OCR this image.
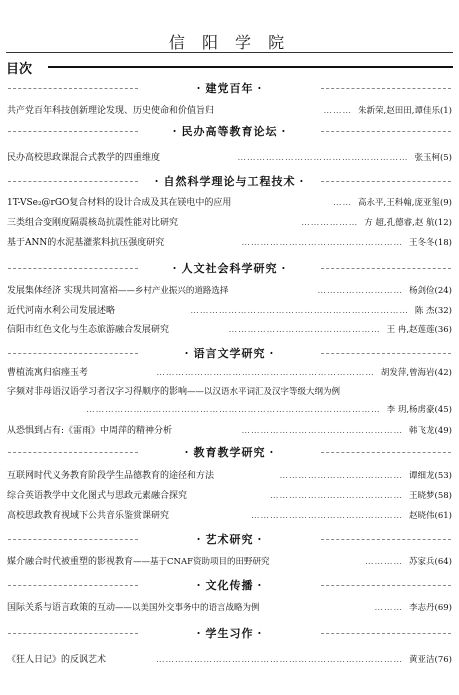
信 阳 学 院
目次
· 建党百年 ·
共产党百年科技创新理论发现、历史使命和价值旨归	……… 朱新荣,赵田田,谭佳乐(1)
· 民办高等教育论坛 ·
民办高校思政课混合式教学的四重维度	……………………………………………… 张玉柯(5)
· 自然科学理论与工程技术 ·
1T-VSe₂@rGO复合材料的设计合成及其在镁电中的应用	…… 高永平,王科翰,庞亚玺(9)
三类组合变刚度隔震核岛抗震性能对比研究	……………… 方 超,孔德睿,赵 航(12)
基于ANN的水泥基灌浆料抗压强度研究	…………………………………………… 王冬冬(18)
· 人文社会科学研究 ·
发展集体经济 实现共同富裕——乡村产业振兴的道路选择	……………………… 杨剑俭(24)
近代河南水利公司发展述略	…………………………………………………………… 陈 杰(32)
信阳市红色文化与生态旅游融合发展研究	………………………………………… 王 冉,赵莲莲(36)
· 语言文学研究 ·
曹植流寓归宿瘗玉考	…………………………………………………………… 胡发萍,曾海岩(42)
字频对非母语汉语学习者汉字习得顺序的影响——以汉语水平词汇及汉字等级大纲为例
………………………………………………………………………………… 李 玥,杨虏豪(45)
从恐惧到占有:《雷雨》中周萍的精神分析	…………………………………………… 韩飞龙(49)
· 教育教学研究 ·
互联网时代义务教育阶段学生品德教育的途径和方法	………………………………… 谭细龙(53)
综合英语教学中文化图式与思政元素融合探究	…………………………………… 王晓梦(58)
高校思政教育视域下公共音乐鉴赏课研究	………………………………………… 赵晓伟(61)
· 艺术研究 ·
媒介融合时代被重塑的影视教育——基于CNAF资助项目的田野研究	………… 苏家兵(64)
· 文化传播 ·
国际关系与语言政策的互动——以美国外交事务中的语言战略为例	……… 李志丹(69)
· 学生习作 ·
《狂人日记》的反讽艺术	…………………………………………………………………… 黄亚洁(76)
